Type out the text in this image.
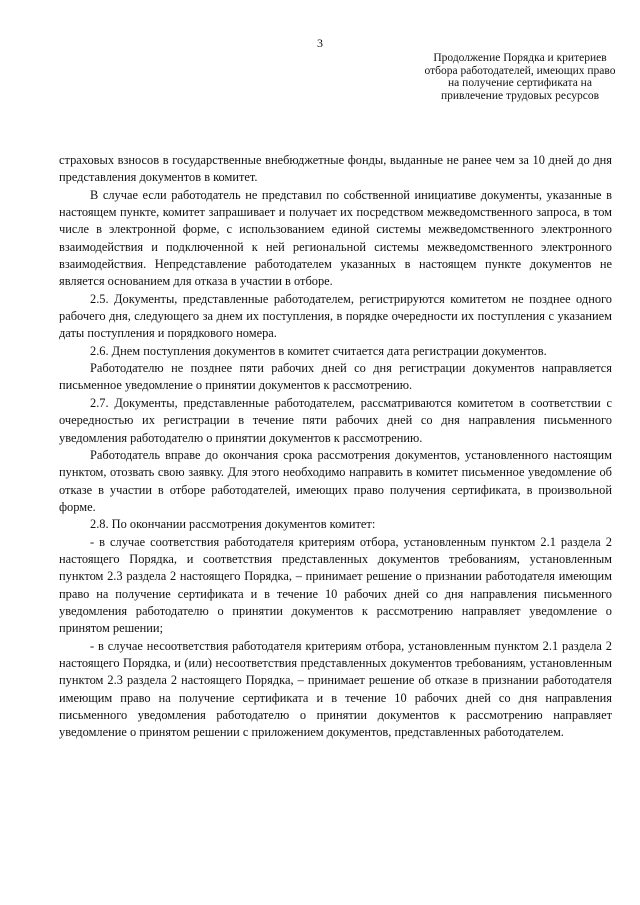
3
Продолжение Порядка и критериев отбора работодателей, имеющих право на получение сертификата на привлечение трудовых ресурсов

страховых взносов в государственные внебюджетные фонды, выданные не ранее чем за 10 дней до дня представления документов в комитет.

В случае если работодатель не представил по собственной инициативе документы, указанные в настоящем пункте, комитет запрашивает и получает их посредством межведомственного запроса, в том числе в электронной форме, с использованием единой системы межведомственного электронного взаимодействия и подключенной к ней региональной системы межведомственного электронного взаимодействия. Непредставление работодателем указанных в настоящем пункте документов не является основанием для отказа в участии в отборе.

2.5. Документы, представленные работодателем, регистрируются комитетом не позднее одного рабочего дня, следующего за днем их поступления, в порядке очередности их поступления с указанием даты поступления и порядкового номера.

2.6. Днем поступления документов в комитет считается дата регистрации документов.

Работодателю не позднее пяти рабочих дней со дня регистрации документов направляется письменное уведомление о принятии документов к рассмотрению.

2.7. Документы, представленные работодателем, рассматриваются комитетом в соответствии с очередностью их регистрации в течение пяти рабочих дней со дня направления письменного уведомления работодателю о принятии документов к рассмотрению.

Работодатель вправе до окончания срока рассмотрения документов, установленного настоящим пунктом, отозвать свою заявку. Для этого необходимо направить в комитет письменное уведомление об отказе в участии в отборе работодателей, имеющих право получения сертификата, в произвольной форме.

2.8. По окончании рассмотрения документов комитет:

- в случае соответствия работодателя критериям отбора, установленным пунктом 2.1 раздела 2 настоящего Порядка, и соответствия представленных документов требованиям, установленным пунктом 2.3 раздела 2 настоящего Порядка, – принимает решение о признании работодателя имеющим право на получение сертификата и в течение 10 рабочих дней со дня направления письменного уведомления работодателю о принятии документов к рассмотрению направляет уведомление о принятом решении;

- в случае несоответствия работодателя критериям отбора, установленным пунктом 2.1 раздела 2 настоящего Порядка, и (или) несоответствия представленных документов требованиям, установленным пунктом 2.3 раздела 2 настоящего Порядка, – принимает решение об отказе в признании работодателя имеющим право на получение сертификата и в течение 10 рабочих дней со дня направления письменного уведомления работодателю о принятии документов к рассмотрению направляет уведомление о принятом решении с приложением документов, представленных работодателем.
